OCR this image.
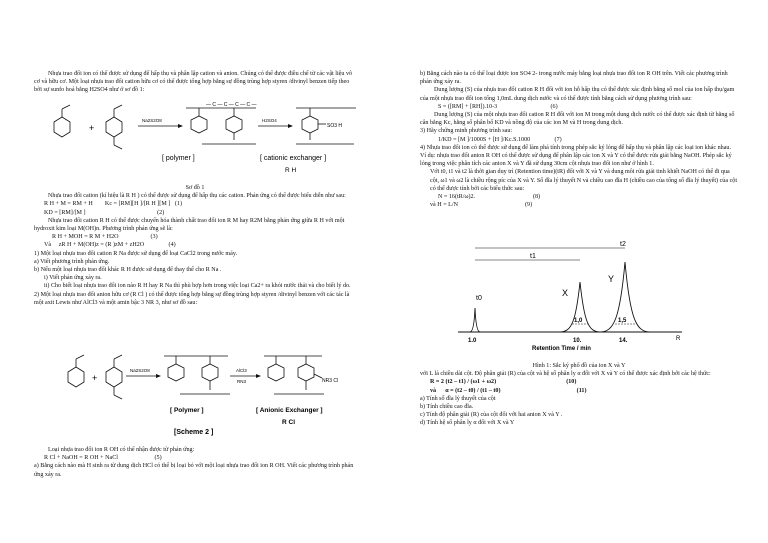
Nhựa trao đổi ion có thể được sử dụng để hấp thụ và phân lập cation và anion. Chúng có thể được điều chế từ các vật liệu vô cơ và hữu cơ. Một loại nhựa trao đổi cation hữu cơ có thể được tổng hợp bằng sự đồng trùng hợp styren /divinyl benzen tiếp theo bởi sự sunfo hoá bằng H2SO4 như ở sơ đồ 1:

+
Na2S2O8
— C — C — C — C —
H2SO4
SO3 H
[ polymer ]	[ cationic exchanger ]
R H

Sơ đồ 1

Nhựa trao đổi cation (kí hiệu là R H ) có thể được sử dụng để hấp thụ các cation. Phản ứng có thể được biểu diễn như sau:

R H + M = RM + H        Kc = [RM][H ]/[R H ][M ]   (1)

KD = [RM]/[M ]                                               (2)

Nhựa trao đổi cation R H có thể được chuyển hóa thành chất trao đổi ion R M hay R2M bằng phản ứng giữa R H với một hydroxit kim loại M(OH)n. Phương trình phản ứng sẽ là:

R H + MOH = R M + H2O                     (3)

Và     zR H + M(OH)z = (R )zM + zH2O                (4)

1) Một loại nhựa trao đổi cation R Na được sử dụng để loại CaCl2 trong nước máy.

a) Viết phương trình phản ứng.

b) Nếu một loại nhựa trao đổi khác R H được sử dụng để thay thế cho R Na .

i) Viết phản ứng xảy ra.

ii) Cho biết loại nhựa trao đổi ion nào R H hay R Na thì phù hợp hơn trong việc loại Ca2+ ra khỏi nước thải và cho biết lý do.

2) Một loại nhựa trao đổi anion hữu cơ (R Cl ) có thể được tổng hợp bằng sự đồng trùng hợp styren /divinyl benzen với các tác là một axit Lewis như AlCl3 và một amin bậc 3 NR 3, như sơ đồ sau:

+
Na2S2O8	AlCl3
RN3	NR3 Cl
[ Polymer ]	[ Anionic Exchanger ]
R Cl
[Scheme 2 ]

Loại nhựa trao đổi ion R OH có thể nhận được từ phản ứng:

R Cl + NaOH = R OH + NaCl                        (5)

a) Bằng cách nào mà H sinh ra từ dung dịch HCl có thể bị loại bỏ với một loại nhựa trao đổi ion R OH. Viết các phương trình phản ứng xảy ra.

b) Bằng cách nào ta có thể loại được ion SO4 2- trong nước máy bằng loại nhựa trao đổi ion R OH trên. Viết các phương trình phản ứng xảy ra.

Dung lượng (S) của nhựa trao đổi cation R H đối với ion hỗ hấp thụ có thể được xác định bằng số mol của ion hấp thụ/gam của một nhựa trao đổi ion tổng 1,0mL dung dịch nước và có thể được tính bằng cách sử dụng phương trình sau:

S = ([RM] + [RH]).10-3                                   (6)

Dung lượng (S) của một nhựa trao đổi cation R H đối với ion M trong một dung dịch nước có thể được xác định từ hằng số cân bằng Kc, hằng số phân bố KD và nồng độ của các ion M và H trong dung dịch.

3) Hãy chứng minh phương trình sau:

1/KD = [M ]/1000S + [H ]/Kc.S.1000                (7)

4) Nhựa trao đổi ion có thể được sử dụng để làm phá tính trong phép sắc ký lỏng để hấp thụ và phân lập các loại ion khác nhau. Ví dụ: nhựa trao đổi anion R OH có thể được sử dụng để phân lập các ion X và Y có thể được rửa giải bằng NaOH. Phép sắc ký lỏng trong việc phân tích các anion X và Y đã sử dụng 30cm cột nhựa trao đổi ion như ở hình 1.

Với t0, t1 và t2 là thời gian duy trì (Retention time)(tR) đối với X và Y và dung môi rửa giải tinh khiết NaOH có thể đi qua cột, ω1 và ω2 là chiều rộng píc của X và Y. Số đĩa lý thuyết N và chiều cao đĩa H (chiều cao của tổng số đĩa lý thuyết) của cột có thể được tính bởi các biểu thức sau:

N = 16(tR/ω)2.                                      (8)

và H = L/N                                            (9)

R
1,0	1,5
t0
t1
t2
X
Y
1.0	10.	14.
Retention Time / min

Hình 1: Sắc ký phổ đồ của ion X và Y

với L là chiều dài cột. Độ phân giải (R) của cột và hệ số phân ly α đối với X và Y có thể được xác định bởi các hệ thức:

R = 2 (t2 – t1) / (ω1 + ω2)                                              (10)

và      α = (t2 – t0) / (t1 – t0)                                                  (11)

a) Tính số đĩa lý thuyết của cột

b) Tính chiều cao đĩa.

c) Tính độ phân giải (R) của cột đối với hai anion X và Y .

d) Tính hệ số phân ly α đối với X và Y
